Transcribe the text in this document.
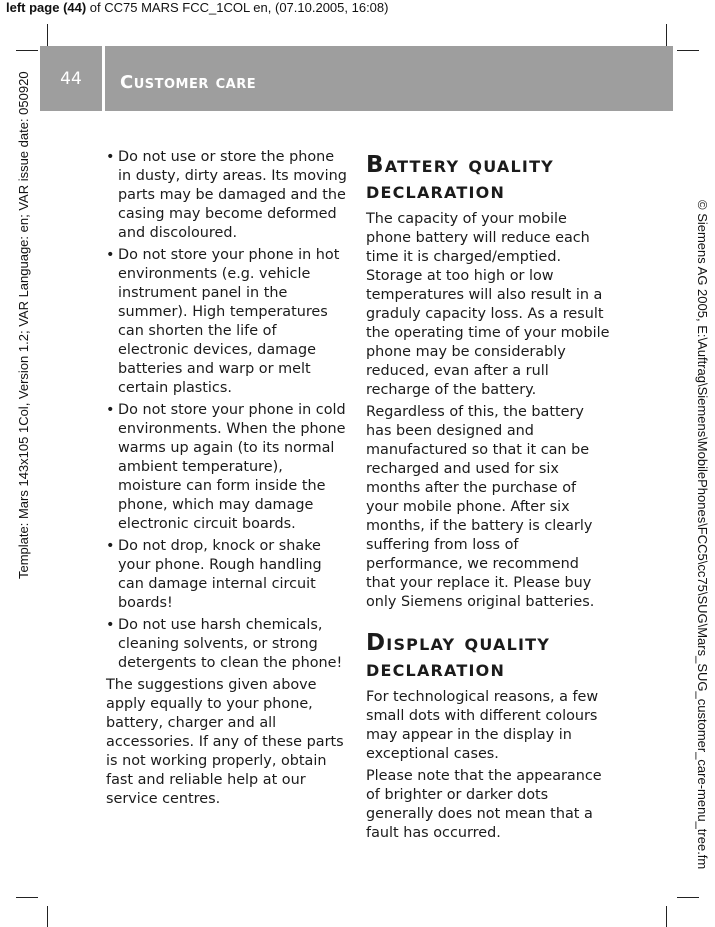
left page (44) of CC75 MARS FCC_1COL en, (07.10.2005, 16:08)
Template: Mars 143x105 1Col, Version 1.2; VAR Language: en; VAR issue date: 050920	© Siemens AG 2005, E:\Auftrag\Siemens\MobilePhones\FCC5\cc75\SUG\Mars_SUG_customer_care-menu_tree.fm
44	Customer care
• Do not use or store the phone in dusty, dirty areas. Its moving parts may be damaged and the casing may become deformed and discoloured.
• Do not store your phone in hot environments (e.g. vehicle instrument panel in the summer). High temperatures can shorten the life of electronic devices, damage batteries and warp or melt certain plastics.
• Do not store your phone in cold environments. When the phone warms up again (to its normal ambient temperature), moisture can form inside the phone, which may damage electronic circuit boards.
• Do not drop, knock or shake your phone. Rough handling can damage internal circuit boards!
• Do not use harsh chemicals, cleaning solvents, or strong detergents to clean the phone!

The suggestions given above apply equally to your phone, battery, charger and all accessories. If any of these parts is not working properly, obtain fast and reliable help at our service centres.

Battery quality declaration

The capacity of your mobile phone battery will reduce each time it is charged/emptied. Storage at too high or low temperatures will also result in a graduly capacity loss. As a result the operating time of your mobile phone may be considerably reduced, evan after a rull recharge of the battery.

Regardless of this, the battery has been designed and manufactured so that it can be recharged and used for six months after the purchase of your mobile phone. After six months, if the battery is clearly suffering from loss of performance, we recommend that your replace it. Please buy only Siemens original batteries.

Display quality declaration

For technological reasons, a few small dots with different colours may appear in the display in exceptional cases.

Please note that the appearance of brighter or darker dots generally does not mean that a fault has occurred.
